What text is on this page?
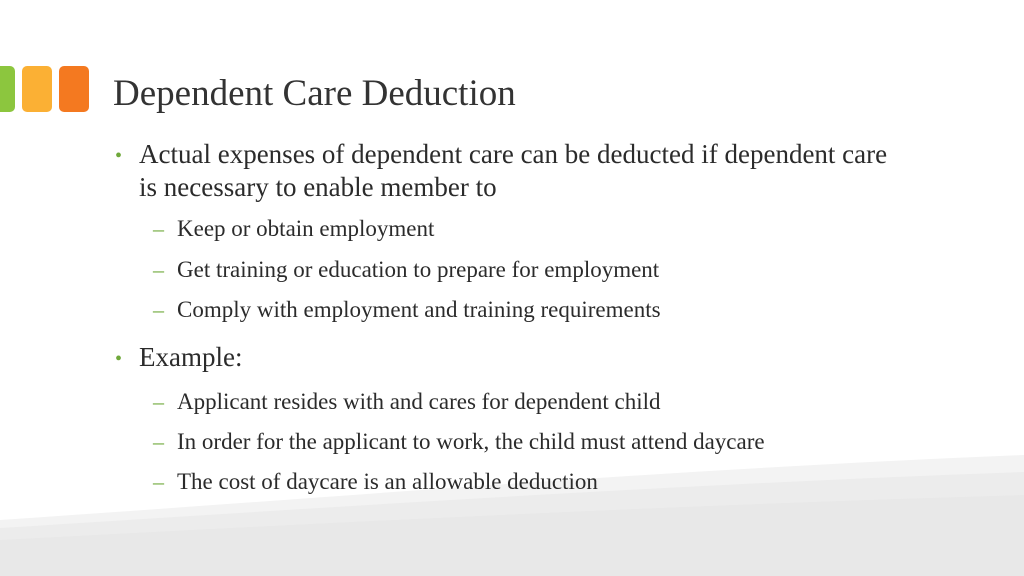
Dependent Care Deduction
• Actual expenses of dependent care can be deducted if dependent care is necessary to enable member to
– Keep or obtain employment
– Get training or education to prepare for employment
– Comply with employment and training requirements
• Example:
– Applicant resides with and cares for dependent child
– In order for the applicant to work, the child must attend daycare
– The cost of daycare is an allowable deduction
